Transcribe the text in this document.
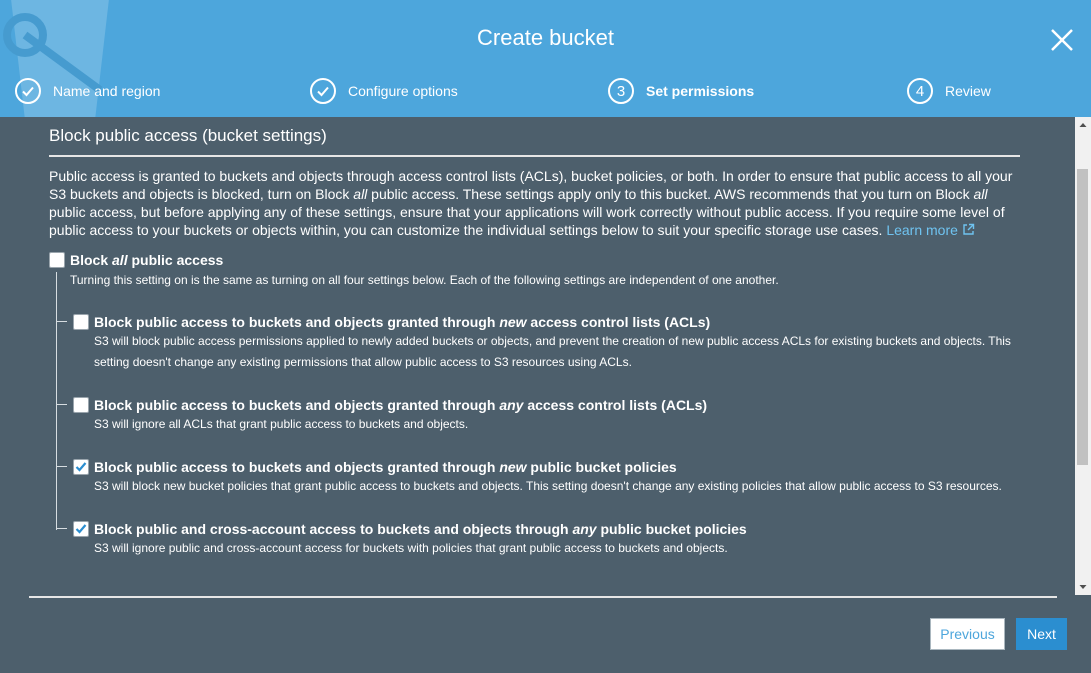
Create bucket
Name and region	Configure options	3	Set permissions	4	Review
Block public access (bucket settings)
Public access is granted to buckets and objects through access control lists (ACLs), bucket policies, or both. In order to ensure that public access to all your S3 buckets and objects is blocked, turn on Block all public access. These settings apply only to this bucket. AWS recommends that you turn on Block all public access, but before applying any of these settings, ensure that your applications will work correctly without public access. If you require some level of public access to your buckets or objects within, you can customize the individual settings below to suit your specific storage use cases. Learn more
Block all public access
Turning this setting on is the same as turning on all four settings below. Each of the following settings are independent of one another.
Block public access to buckets and objects granted through new access control lists (ACLs)
S3 will block public access permissions applied to newly added buckets or objects, and prevent the creation of new public access ACLs for existing buckets and objects. This setting doesn't change any existing permissions that allow public access to S3 resources using ACLs.
Block public access to buckets and objects granted through any access control lists (ACLs)
S3 will ignore all ACLs that grant public access to buckets and objects.
Block public access to buckets and objects granted through new public bucket policies
S3 will block new bucket policies that grant public access to buckets and objects. This setting doesn't change any existing policies that allow public access to S3 resources.
Block public and cross-account access to buckets and objects through any public bucket policies
S3 will ignore public and cross-account access for buckets with policies that grant public access to buckets and objects.
Previous	Next
